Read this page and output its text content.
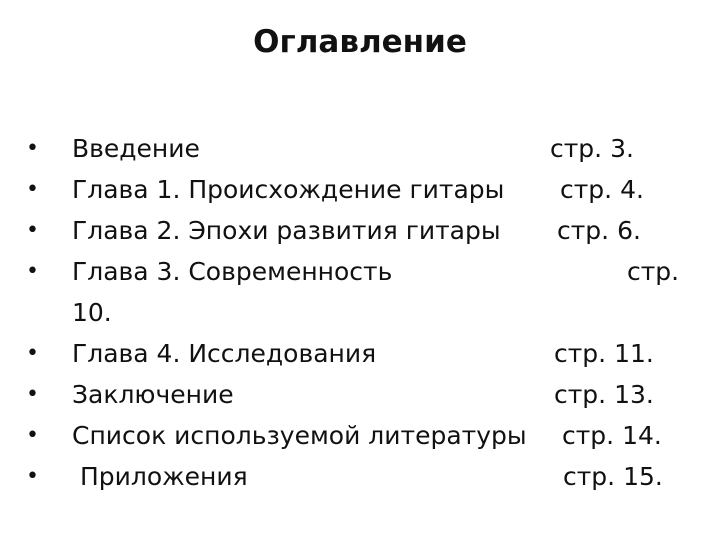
Оглавление
• Введение	стр. 3.
• Глава 1. Происхождение гитары стр. 4.
• Глава 2. Эпохи развития гитары стр. 6.
• Глава 3. Современность	стр.
10.
• Глава 4. Исследования	стр. 11.
• Заключение	стр. 13.
• Список используемой литературы стр. 14.
• Приложения	стр. 15.
